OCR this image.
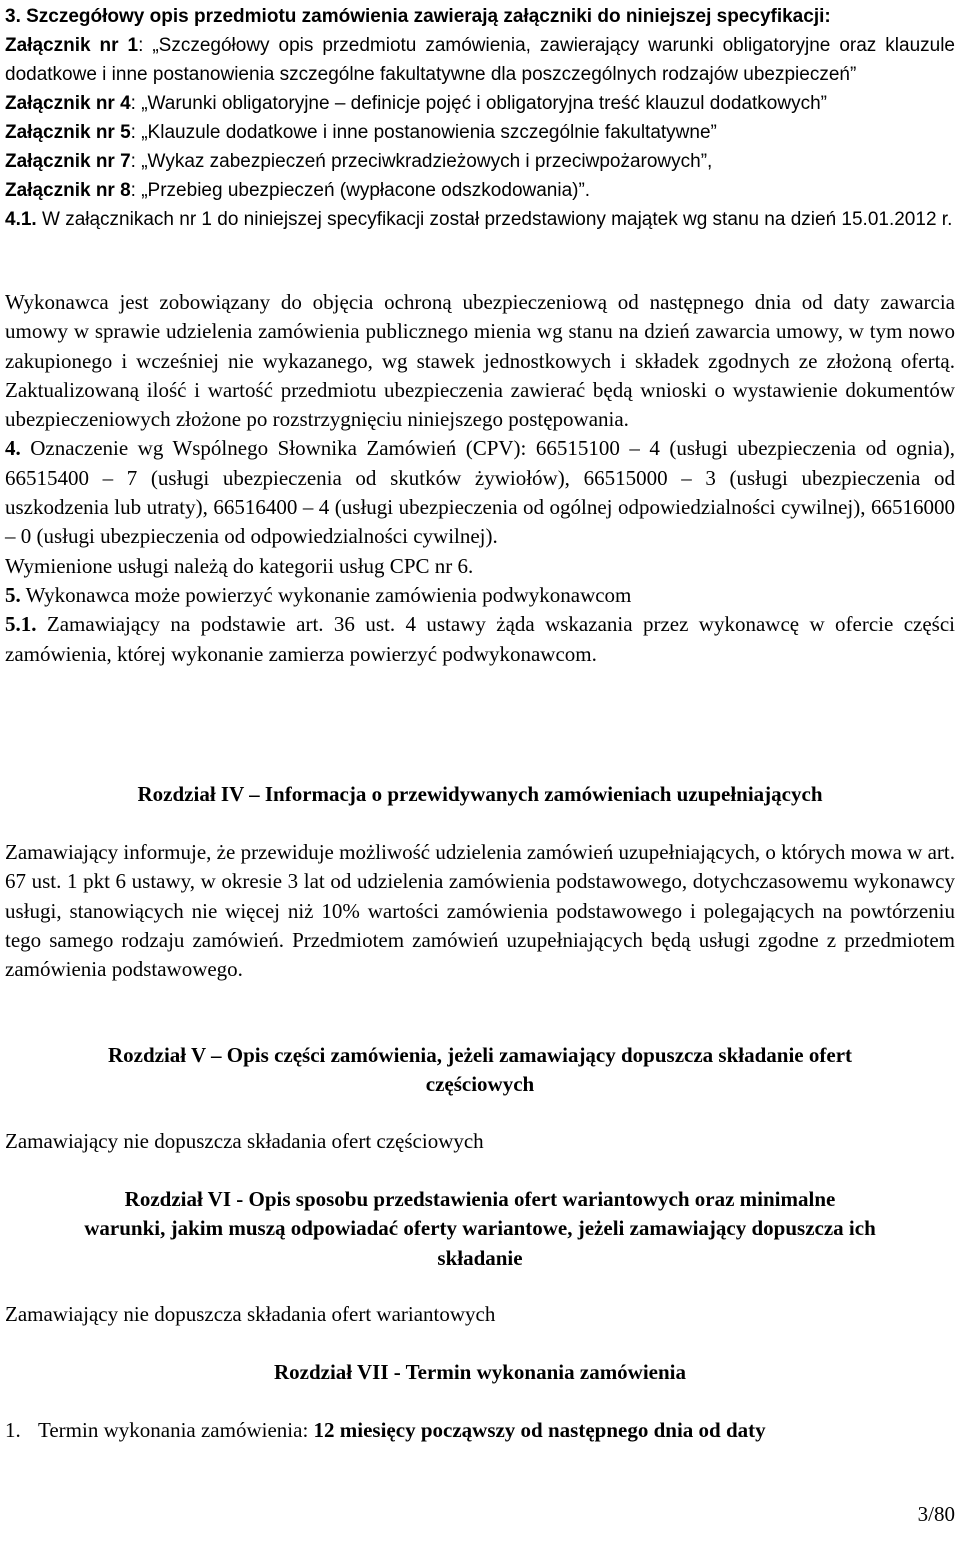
3. Szczegółowy opis przedmiotu zamówienia zawierają załączniki do niniejszej specyfikacji:
Załącznik nr 1: „Szczegółowy opis przedmiotu zamówienia, zawierający warunki obligatoryjne oraz klauzule dodatkowe i inne postanowienia szczególne fakultatywne dla poszczególnych rodzajów ubezpieczeń”
Załącznik nr 4: „Warunki obligatoryjne – definicje pojęć i obligatoryjna treść klauzul dodatkowych”
Załącznik nr 5: „Klauzule dodatkowe i inne postanowienia szczególnie fakultatywne”
Załącznik nr 7: „Wykaz zabezpieczeń przeciwkradzieżowych i przeciwpożarowych”,
Załącznik nr 8: „Przebieg ubezpieczeń (wypłacone odszkodowania)”.
4.1. W załącznikach nr 1 do niniejszej specyfikacji został przedstawiony majątek wg stanu na dzień 15.01.2012 r.
Wykonawca jest zobowiązany do objęcia ochroną ubezpieczeniową od następnego dnia od daty zawarcia umowy w sprawie udzielenia zamówienia publicznego mienia wg stanu na dzień zawarcia umowy, w tym nowo zakupionego i wcześniej nie wykazanego, wg stawek jednostkowych i składek zgodnych ze złożoną ofertą. Zaktualizowaną ilość i wartość przedmiotu ubezpieczenia zawierać będą wnioski o wystawienie dokumentów ubezpieczeniowych złożone po rozstrzygnięciu niniejszego postępowania.
4. Oznaczenie wg Wspólnego Słownika Zamówień (CPV): 66515100 – 4 (usługi ubezpieczenia od ognia), 66515400 – 7 (usługi ubezpieczenia od skutków żywiołów), 66515000 – 3 (usługi ubezpieczenia od uszkodzenia lub utraty), 66516400 – 4 (usługi ubezpieczenia od ogólnej odpowiedzialności cywilnej), 66516000 – 0 (usługi ubezpieczenia od odpowiedzialności cywilnej).
Wymienione usługi należą do kategorii usług CPC nr 6.
5. Wykonawca może powierzyć wykonanie zamówienia podwykonawcom
5.1. Zamawiający na podstawie art. 36 ust. 4 ustawy żąda wskazania przez wykonawcę w ofercie części zamówienia, której wykonanie zamierza powierzyć podwykonawcom.
Rozdział IV – Informacja o przewidywanych zamówieniach uzupełniających
Zamawiający informuje, że przewiduje możliwość udzielenia zamówień uzupełniających, o których mowa w art. 67 ust. 1 pkt 6 ustawy, w okresie 3 lat od udzielenia zamówienia podstawowego, dotychczasowemu wykonawcy usługi, stanowiących nie więcej niż 10% wartości zamówienia podstawowego i polegających na powtórzeniu tego samego rodzaju zamówień. Przedmiotem zamówień uzupełniających będą usługi zgodne z przedmiotem zamówienia podstawowego.
Rozdział V – Opis części zamówienia, jeżeli zamawiający dopuszcza składanie ofert
częściowych
Zamawiający nie dopuszcza składania ofert częściowych
Rozdział VI - Opis sposobu przedstawienia ofert wariantowych oraz minimalne
warunki, jakim muszą odpowiadać oferty wariantowe, jeżeli zamawiający dopuszcza ich
składanie
Zamawiający nie dopuszcza składania ofert wariantowych
Rozdział VII - Termin wykonania zamówienia
1. Termin wykonania zamówienia: 12 miesięcy począwszy od następnego dnia od daty
3/80
